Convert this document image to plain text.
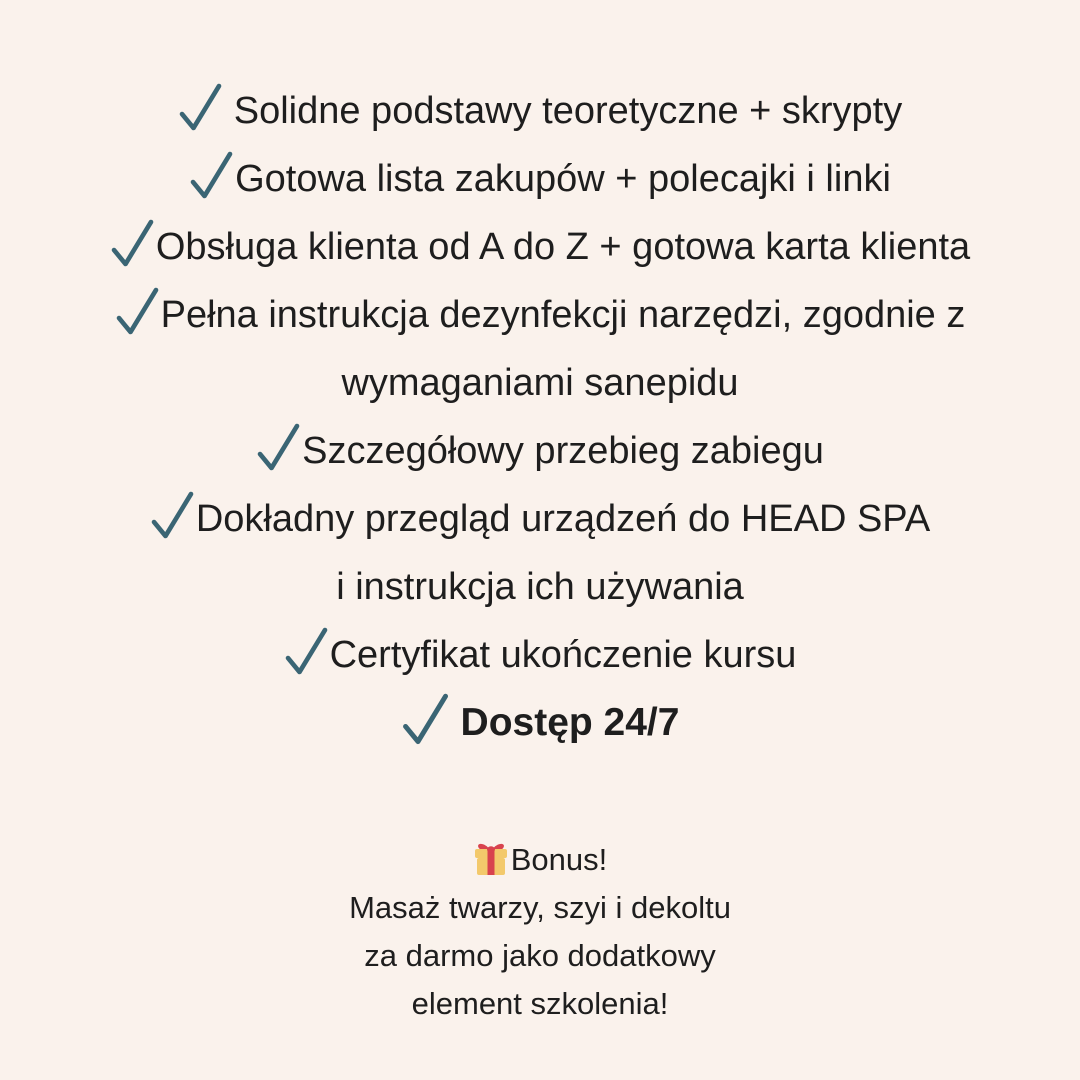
Solidne podstawy teoretyczne + skrypty
Gotowa lista zakupów + polecajki i linki
Obsługa klienta od A do Z + gotowa karta klienta
Pełna instrukcja dezynfekcji narzędzi, zgodnie z
wymaganiami sanepidu
Szczegółowy przebieg zabiegu
Dokładny przegląd urządzeń do HEAD SPA
i instrukcja ich używania
Certyfikat ukończenie kursu
Dostęp 24/7
Bonus!
Masaż twarzy, szyi i dekoltu
za darmo jako dodatkowy
element szkolenia!
